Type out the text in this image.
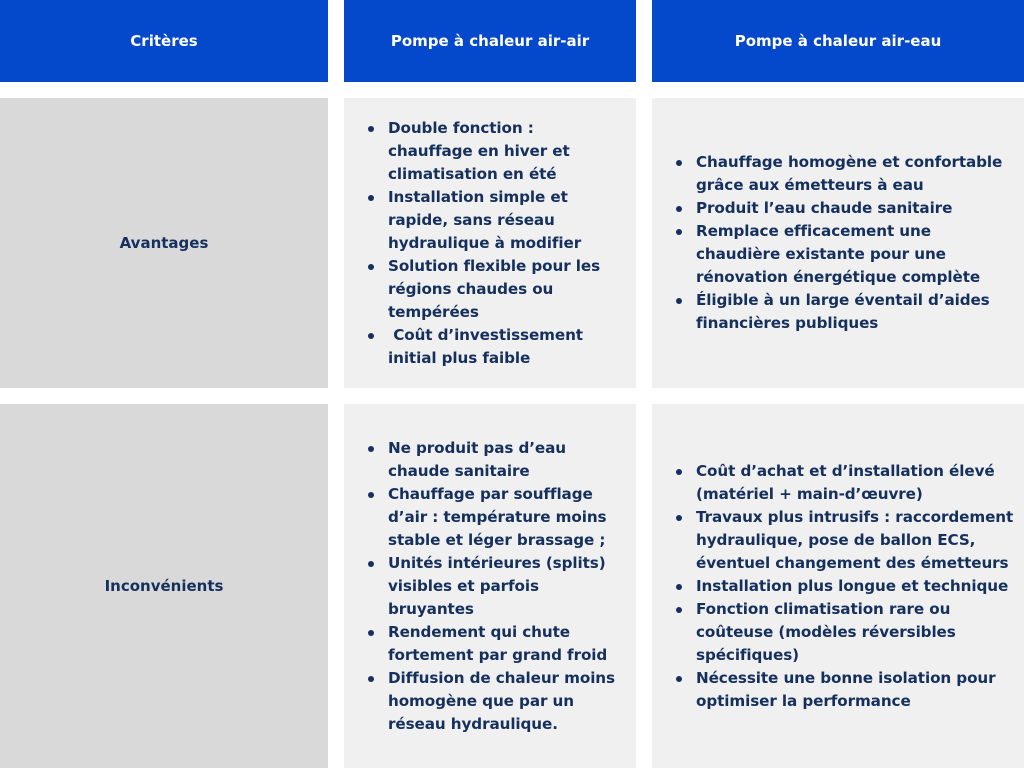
Critères	Pompe à chaleur air-air	Pompe à chaleur air-eau
Avantages
Double fonction : chauffage en hiver et climatisation en été
Installation simple et rapide, sans réseau hydraulique à modifier
Solution flexible pour les régions chaudes ou tempérées
Coût d’investissement initial plus faible
Chauffage homogène et confortable grâce aux émetteurs à eau
Produit l’eau chaude sanitaire
Remplace efficacement une chaudière existante pour une rénovation énergétique complète
Éligible à un large éventail d’aides financières publiques
Inconvénients
Ne produit pas d’eau chaude sanitaire
Chauffage par soufflage d’air : température moins stable et léger brassage ;
Unités intérieures (splits) visibles et parfois bruyantes
Rendement qui chute fortement par grand froid
Diffusion de chaleur moins homogène que par un réseau hydraulique.
Coût d’achat et d’installation élevé (matériel + main-d’œuvre)
Travaux plus intrusifs : raccordement hydraulique, pose de ballon ECS, éventuel changement des émetteurs
Installation plus longue et technique
Fonction climatisation rare ou coûteuse (modèles réversibles spécifiques)
Nécessite une bonne isolation pour optimiser la performance
